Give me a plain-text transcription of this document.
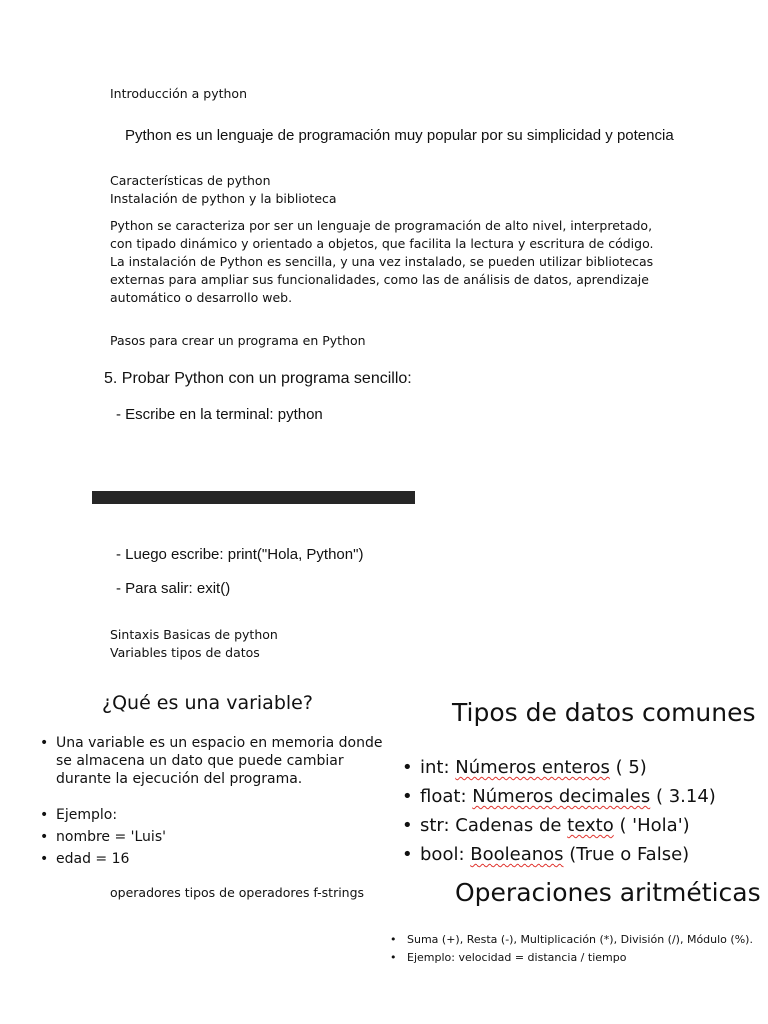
Introducción a python
Python es un lenguaje de programación muy popular por su simplicidad y potencia
Características de python
Instalación de python y la biblioteca
Python se caracteriza por ser un lenguaje de programación de alto nivel, interpretado, con tipado dinámico y orientado a objetos, que facilita la lectura y escritura de código. La instalación de Python es sencilla, y una vez instalado, se pueden utilizar bibliotecas externas para ampliar sus funcionalidades, como las de análisis de datos, aprendizaje automático o desarrollo web.
Pasos para crear un programa en Python
5. Probar Python con un programa sencillo:
- Escribe en la terminal: python
- Luego escribe: print("Hola, Python")
- Para salir: exit()
Sintaxis Basicas de python
Variables tipos de datos
¿Qué es una variable?
• Una variable es un espacio en memoria donde se almacena un dato que puede cambiar durante la ejecución del programa.
• Ejemplo:
• nombre = 'Luis'
• edad = 16
operadores tipos de operadores f-strings
Tipos de datos comunes
• int: Números enteros ( 5)
• float: Números decimales ( 3.14)
• str: Cadenas de texto ( 'Hola')
• bool: Booleanos (True o False)
Operaciones aritméticas
• Suma (+), Resta (-), Multiplicación (*), División (/), Módulo (%).
• Ejemplo: velocidad = distancia / tiempo
